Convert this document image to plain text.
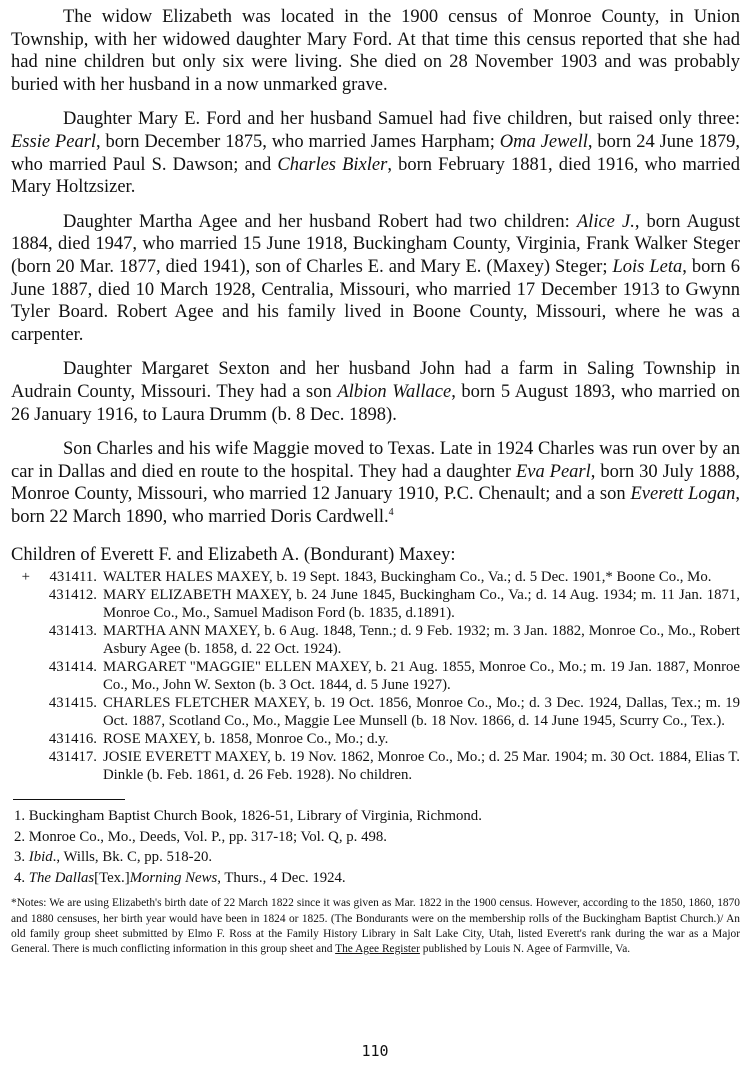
The widow Elizabeth was located in the 1900 census of Monroe County, in Union Township, with her widowed daughter Mary Ford. At that time this census reported that she had had nine children but only six were living. She died on 28 November 1903 and was probably buried with her husband in a now unmarked grave.

Daughter Mary E. Ford and her husband Samuel had five children, but raised only three: Essie Pearl, born December 1875, who married James Harpham; Oma Jewell, born 24 June 1879, who married Paul S. Dawson; and Charles Bixler, born February 1881, died 1916, who married Mary Holtzsizer.

Daughter Martha Agee and her husband Robert had two children: Alice J., born August 1884, died 1947, who married 15 June 1918, Buckingham County, Virginia, Frank Walker Steger (born 20 Mar. 1877, died 1941), son of Charles E. and Mary E. (Maxey) Steger; Lois Leta, born 6 June 1887, died 10 March 1928, Centralia, Missouri, who married 17 December 1913 to Gwynn Tyler Board. Robert Agee and his family lived in Boone County, Missouri, where he was a carpenter.

Daughter Margaret Sexton and her husband John had a farm in Saling Township in Audrain County, Missouri. They had a son Albion Wallace, born 5 August 1893, who married on 26 January 1916, to Laura Drumm (b. 8 Dec. 1898).

Son Charles and his wife Maggie moved to Texas. Late in 1924 Charles was run over by an car in Dallas and died en route to the hospital. They had a daughter Eva Pearl, born 30 July 1888, Monroe County, Missouri, who married 12 January 1910, P.C. Chenault; and a son Everett Logan, born 22 March 1890, who married Doris Cardwell.$^4$

Children of Everett F. and Elizabeth A. (Bondurant) Maxey:
+	431411. WALTER HALES MAXEY, b. 19 Sept. 1843, Buckingham Co., Va.; d. 5 Dec. 1901,* Boone Co., Mo.
431412. MARY ELIZABETH MAXEY, b. 24 June 1845, Buckingham Co., Va.; d. 14 Aug. 1934; m. 11 Jan. 1871, Monroe Co., Mo., Samuel Madison Ford (b. 1835, d.1891).
431413. MARTHA ANN MAXEY, b. 6 Aug. 1848, Tenn.; d. 9 Feb. 1932; m. 3 Jan. 1882, Monroe Co., Mo., Robert Asbury Agee (b. 1858, d. 22 Oct. 1924).
431414. MARGARET "MAGGIE" ELLEN MAXEY, b. 21 Aug. 1855, Monroe Co., Mo.; m. 19 Jan. 1887, Monroe Co., Mo., John W. Sexton (b. 3 Oct. 1844, d. 5 June 1927).
431415. CHARLES FLETCHER MAXEY, b. 19 Oct. 1856, Monroe Co., Mo.; d. 3 Dec. 1924, Dallas, Tex.; m. 19 Oct. 1887, Scotland Co., Mo., Maggie Lee Munsell (b. 18 Nov. 1866, d. 14 June 1945, Scurry Co., Tex.).
431416. ROSE MAXEY, b. 1858, Monroe Co., Mo.; d.y.
431417. JOSIE EVERETT MAXEY, b. 19 Nov. 1862, Monroe Co., Mo.; d. 25 Mar. 1904; m. 30 Oct. 1884, Elias T. Dinkle (b. Feb. 1861, d. 26 Feb. 1928). No children.
1. Buckingham Baptist Church Book, 1826-51, Library of Virginia, Richmond.
2. Monroe Co., Mo., Deeds, Vol. P., pp. 317-18; Vol. Q, p. 498.
3. Ibid., Wills, Bk. C, pp. 518-20.
4. The Dallas[Tex.]Morning News, Thurs., 4 Dec. 1924.
*Notes: We are using Elizabeth's birth date of 22 March 1822 since it was given as Mar. 1822 in the 1900 census. However, according to the 1850, 1860, 1870 and 1880 censuses, her birth year would have been in 1824 or 1825. (The Bondurants were on the membership rolls of the Buckingham Baptist Church.)/ An old family group sheet submitted by Elmo F. Ross at the Family History Library in Salt Lake City, Utah, listed Everett's rank during the war as a Major General. There is much conflicting information in this group sheet and The Agee Register published by Louis N. Agee of Farmville, Va.
110
